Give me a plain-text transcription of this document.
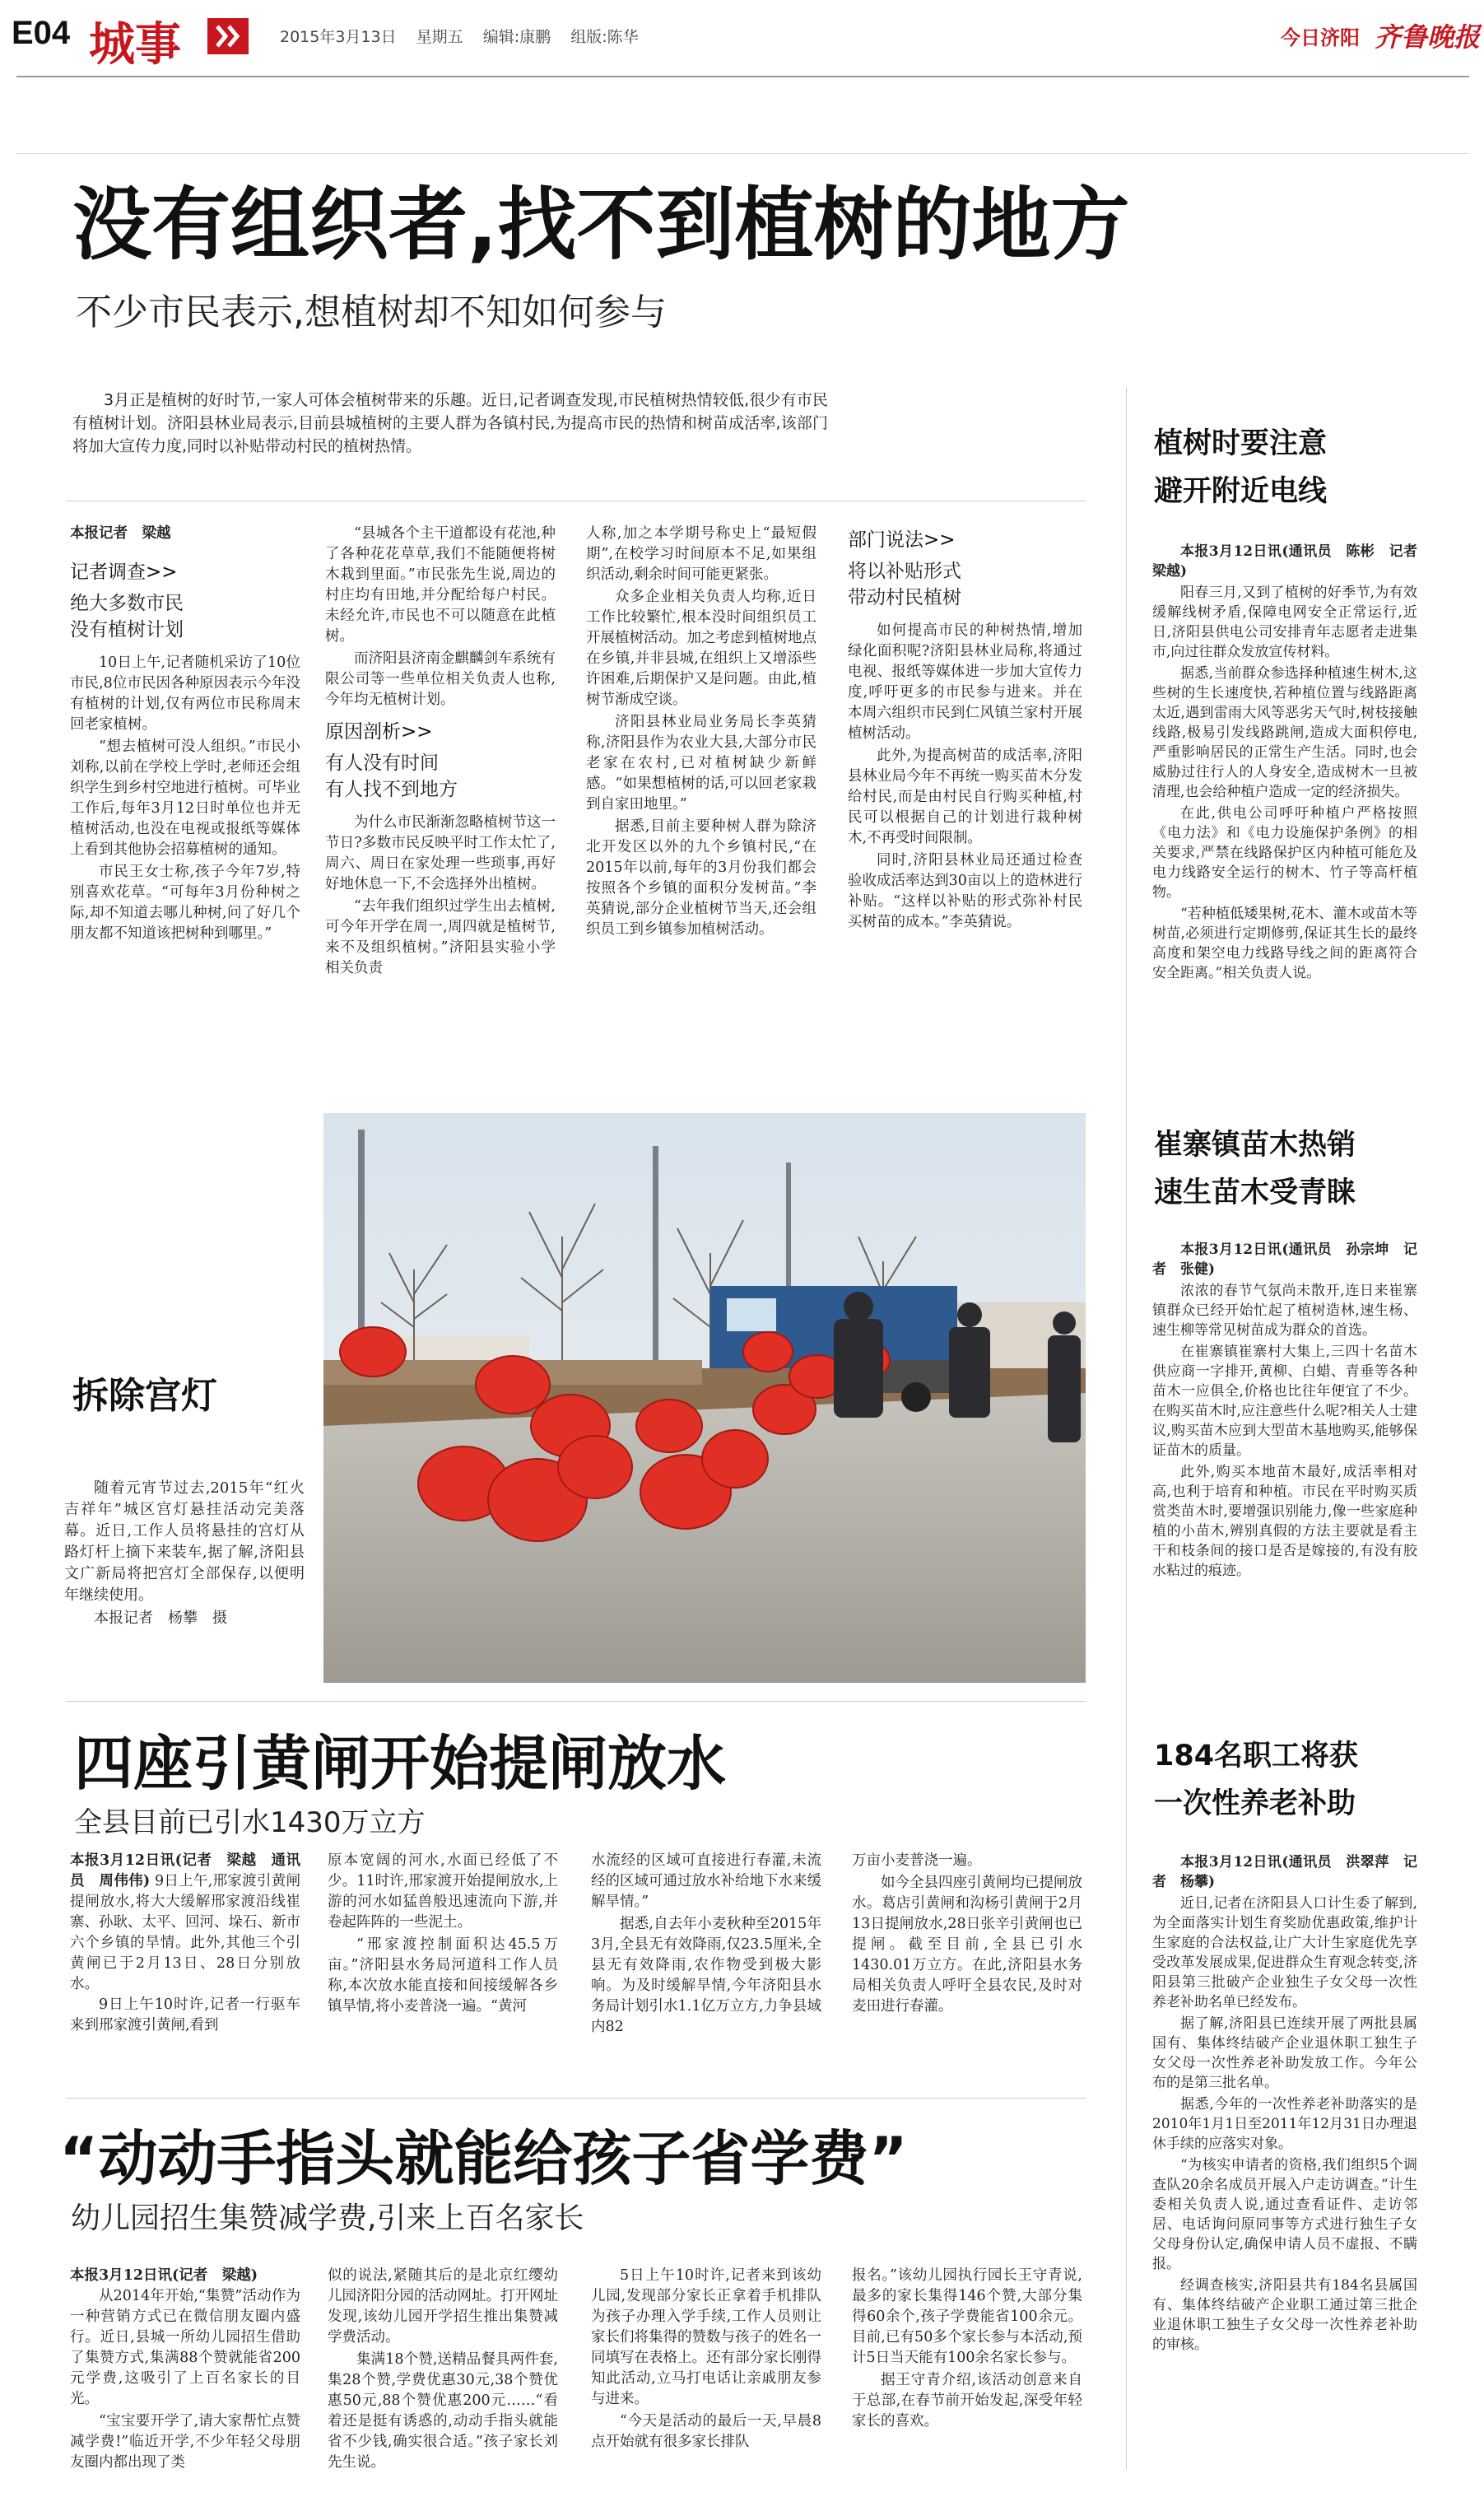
E04 城事	2015年3月13日 星期五 编辑:康鹏 组版:陈华	今日济阳 齐鲁晚报
没有组织者,找不到植树的地方
不少市民表示,想植树却不知如何参与

3月正是植树的好时节,一家人可体会植树带来的乐趣。近日,记者调查发现,市民植树热情较低,很少有市民有植树计划。济阳县林业局表示,目前县城植树的主要人群为各镇村民,为提高市民的热情和树苗成活率,该部门将加大宣传力度,同时以补贴带动村民的植树热情。

本报记者　梁越

记者调查>>

绝大多数市民

没有植树计划

10日上午,记者随机采访了10位市民,8位市民因各种原因表示今年没有植树的计划,仅有两位市民称周末回老家植树。

“想去植树可没人组织。”市民小刘称,以前在学校上学时,老师还会组织学生到乡村空地进行植树。可毕业工作后,每年3月12日时单位也并无植树活动,也没在电视或报纸等媒体上看到其他协会招募植树的通知。

市民王女士称,孩子今年7岁,特别喜欢花草。“可每年3月份种树之际,却不知道去哪儿种树,问了好几个朋友都不知道该把树种到哪里。”

“县城各个主干道都设有花池,种了各种花花草草,我们不能随便将树木栽到里面。”市民张先生说,周边的村庄均有田地,并分配给每户村民。未经允许,市民也不可以随意在此植树。

而济阳县济南金麒麟剑车系统有限公司等一些单位相关负责人也称,今年均无植树计划。

原因剖析>>

有人没有时间

有人找不到地方

为什么市民渐渐忽略植树节这一节日?多数市民反映平时工作太忙了,周六、周日在家处理一些琐事,再好好地休息一下,不会选择外出植树。

“去年我们组织过学生出去植树,可今年开学在周一,周四就是植树节,来不及组织植树。”济阳县实验小学相关负责

人称,加之本学期号称史上“最短假期”,在校学习时间原本不足,如果组织活动,剩余时间可能更紧张。

众多企业相关负责人均称,近日工作比较繁忙,根本没时间组织员工开展植树活动。加之考虑到植树地点在乡镇,并非县城,在组织上又增添些许困难,后期保护又是问题。由此,植树节渐成空谈。

济阳县林业局业务局长李英猜称,济阳县作为农业大县,大部分市民老家在农村,已对植树缺少新鲜感。“如果想植树的话,可以回老家栽到自家田地里。”

据悉,目前主要种树人群为除济北开发区以外的九个乡镇村民,“在2015年以前,每年的3月份我们都会按照各个乡镇的面积分发树苗。”李英猜说,部分企业植树节当天,还会组织员工到乡镇参加植树活动。

部门说法>>

将以补贴形式

带动村民植树

如何提高市民的种树热情,增加绿化面积呢?济阳县林业局称,将通过电视、报纸等媒体进一步加大宣传力度,呼吁更多的市民参与进来。并在本周六组织市民到仁风镇兰家村开展植树活动。

此外,为提高树苗的成活率,济阳县林业局今年不再统一购买苗木分发给村民,而是由村民自行购买种植,村民可以根据自己的计划进行栽种树木,不再受时间限制。

同时,济阳县林业局还通过检查验收成活率达到30亩以上的造林进行补贴。“这样以补贴的形式弥补村民买树苗的成本。”李英猜说。

拆除宫灯

随着元宵节过去,2015年“红火吉祥年”城区宫灯悬挂活动完美落幕。近日,工作人员将悬挂的宫灯从路灯杆上摘下来装车,据了解,济阳县文广新局将把宫灯全部保存,以便明年继续使用。

本报记者　杨攀　摄

四座引黄闸开始提闸放水
全县目前已引水1430万立方

本报3月12日讯(记者　梁越　通讯员　周伟伟) 9日上午,邢家渡引黄闸提闸放水,将大大缓解邢家渡沿线崔寨、孙耿、太平、回河、垛石、新市六个乡镇的旱情。此外,其他三个引黄闸已于2月13日、28日分别放水。

9日上午10时许,记者一行驱车来到邢家渡引黄闸,看到

原本宽阔的河水,水面已经低了不少。11时许,邢家渡开始提闸放水,上游的河水如猛兽般迅速流向下游,并卷起阵阵的一些泥土。

“邢家渡控制面积达45.5万亩。”济阳县水务局河道科工作人员称,本次放水能直接和间接缓解各乡镇旱情,将小麦普浇一遍。“黄河

水流经的区域可直接进行春灌,未流经的区域可通过放水补给地下水来缓解旱情。”

据悉,自去年小麦秋种至2015年3月,全县无有效降雨,仅23.5厘米,全县无有效降雨,农作物受到极大影响。为及时缓解旱情,今年济阳县水务局计划引水1.1亿万立方,力争县域内82

万亩小麦普浇一遍。

如今全县四座引黄闸均已提闸放水。葛店引黄闸和沟杨引黄闸于2月13日提闸放水,28日张辛引黄闸也已提闸。截至目前,全县已引水1430.01万立方。在此,济阳县水务局相关负责人呼吁全县农民,及时对麦田进行春灌。

“动动手指头就能给孩子省学费”
幼儿园招生集赞减学费,引来上百名家长

本报3月12日讯(记者　梁越)

从2014年开始,“集赞”活动作为一种营销方式已在微信朋友圈内盛行。近日,县城一所幼儿园招生借助了集赞方式,集满88个赞就能省200元学费,这吸引了上百名家长的目光。

“宝宝要开学了,请大家帮忙点赞减学费!”临近开学,不少年轻父母朋友圈内都出现了类

似的说法,紧随其后的是北京红缨幼儿园济阳分园的活动网址。打开网址发现,该幼儿园开学招生推出集赞减学费活动。

集满18个赞,送精品餐具两件套,集28个赞,学费优惠30元,38个赞优惠50元,88个赞优惠200元……“看着还是挺有诱惑的,动动手指头就能省不少钱,确实很合适。”孩子家长刘先生说。

5日上午10时许,记者来到该幼儿园,发现部分家长正拿着手机排队为孩子办理入学手续,工作人员则让家长们将集得的赞数与孩子的姓名一同填写在表格上。还有部分家长刚得知此活动,立马打电话让亲戚朋友参与进来。

“今天是活动的最后一天,早晨8点开始就有很多家长排队

报名。”该幼儿园执行园长王守青说,最多的家长集得146个赞,大部分集得60余个,孩子学费能省100余元。目前,已有50多个家长参与本活动,预计5日当天能有100余名家长参与。

据王守青介绍,该活动创意来自于总部,在春节前开始发起,深受年轻家长的喜欢。

植树时要注意
避开附近电线

本报3月12日讯(通讯员　陈彬　记者　梁越)

阳春三月,又到了植树的好季节,为有效缓解线树矛盾,保障电网安全正常运行,近日,济阳县供电公司安排青年志愿者走进集市,向过往群众发放宣传材料。

据悉,当前群众参选择种植速生树木,这些树的生长速度快,若种植位置与线路距离太近,遇到雷雨大风等恶劣天气时,树枝接触线路,极易引发线路跳闸,造成大面积停电,严重影响居民的正常生产生活。同时,也会威胁过往行人的人身安全,造成树木一旦被清理,也会给种植户造成一定的经济损失。

在此,供电公司呼吁种植户严格按照《电力法》和《电力设施保护条例》的相关要求,严禁在线路保护区内种植可能危及电力线路安全运行的树木、竹子等高杆植物。

“若种植低矮果树,花木、灌木或苗木等树苗,必须进行定期修剪,保证其生长的最终高度和架空电力线路导线之间的距离符合安全距离。”相关负责人说。

崔寨镇苗木热销
速生苗木受青睐

本报3月12日讯(通讯员　孙宗坤　记者　张健)

浓浓的春节气氛尚未散开,连日来崔寨镇群众已经开始忙起了植树造林,速生杨、速生柳等常见树苗成为群众的首选。

在崔寨镇崔寨村大集上,三四十名苗木供应商一字排开,黄柳、白蜡、青垂等各种苗木一应俱全,价格也比往年便宜了不少。在购买苗木时,应注意些什么呢?相关人士建议,购买苗木应到大型苗木基地购买,能够保证苗木的质量。

此外,购买本地苗木最好,成活率相对高,也利于培育和种植。市民在平时购买质赏类苗木时,要增强识别能力,像一些家庭种植的小苗木,辨别真假的方法主要就是看主干和枝条间的接口是否是嫁接的,有没有胶水粘过的痕迹。

184名职工将获
一次性养老补助

本报3月12日讯(通讯员　洪翠萍　记者　杨攀)

近日,记者在济阳县人口计生委了解到,为全面落实计划生育奖励优惠政策,维护计生家庭的合法权益,让广大计生家庭优先享受改革发展成果,促进群众生育观念转变,济阳县第三批破产企业独生子女父母一次性养老补助名单已经发布。

据了解,济阳县已连续开展了两批县属国有、集体终结破产企业退休职工独生子女父母一次性养老补助发放工作。今年公布的是第三批名单。

据悉,今年的一次性养老补助落实的是2010年1月1日至2011年12月31日办理退休手续的应落实对象。

“为核实申请者的资格,我们组织5个调查队20余名成员开展入户走访调查。”计生委相关负责人说,通过查看证件、走访邻居、电话询问原同事等方式进行独生子女父母身份认定,确保申请人员不虚报、不瞒报。

经调查核实,济阳县共有184名县属国有、集体终结破产企业职工通过第三批企业退休职工独生子女父母一次性养老补助的审核。
